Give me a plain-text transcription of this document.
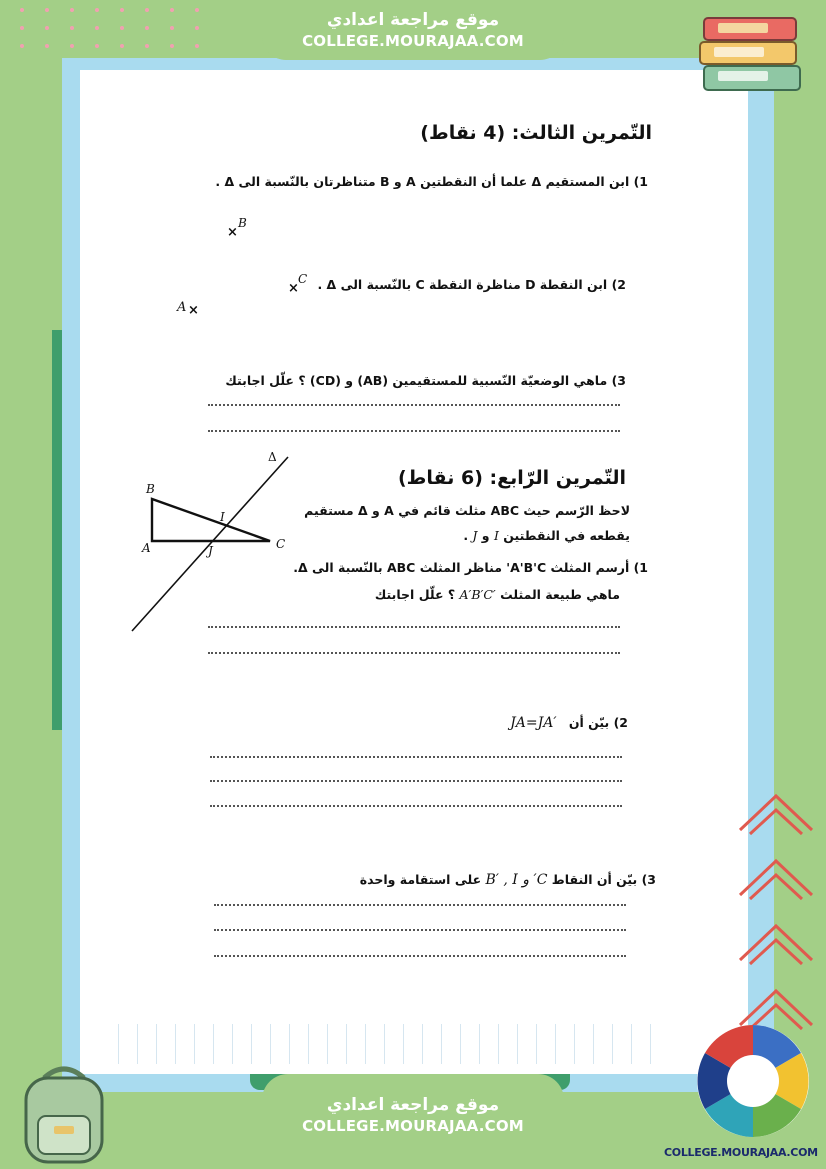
COLLEGE.MOURAJAA.COM
موقع مراجعة اعدادي
COLLEGE.MOURAJAA.COM
موقع مراجعة اعدادي
COLLEGE.MOURAJAA.COM
التّمرين الثالث: (4 نقاط)
1) ابن المستقيم Δ علما أن النقطتين A و B متناظرتان بالنّسبة الى Δ .
×
B
2) ابن النقطة D مناظرة النقطة C بالنّسبة الى Δ .
×
C
A ×
3) ماهي الوضعيّة النّسبية للمستقيمين (AB) و (CD) ؟ علّل اجابتك
التّمرين الرّابع: (6 نقاط)
لاحظ الرّسم حيث ABC مثلث قائم في A و Δ مستقيم
يقطعه في النقطتين I و J .
1) أرسم المثلث A'B'C' مناظر المثلث ABC بالنّسبة الى Δ.
ماهي طبيعة المثلث A′B′C′ ؟ علّل اجابتك
2) بيّن أن JA=JA′
3) بيّن أن النقاط C′ و B′ , I على استقامة واحدة
Δ
B
A	C
I
J
